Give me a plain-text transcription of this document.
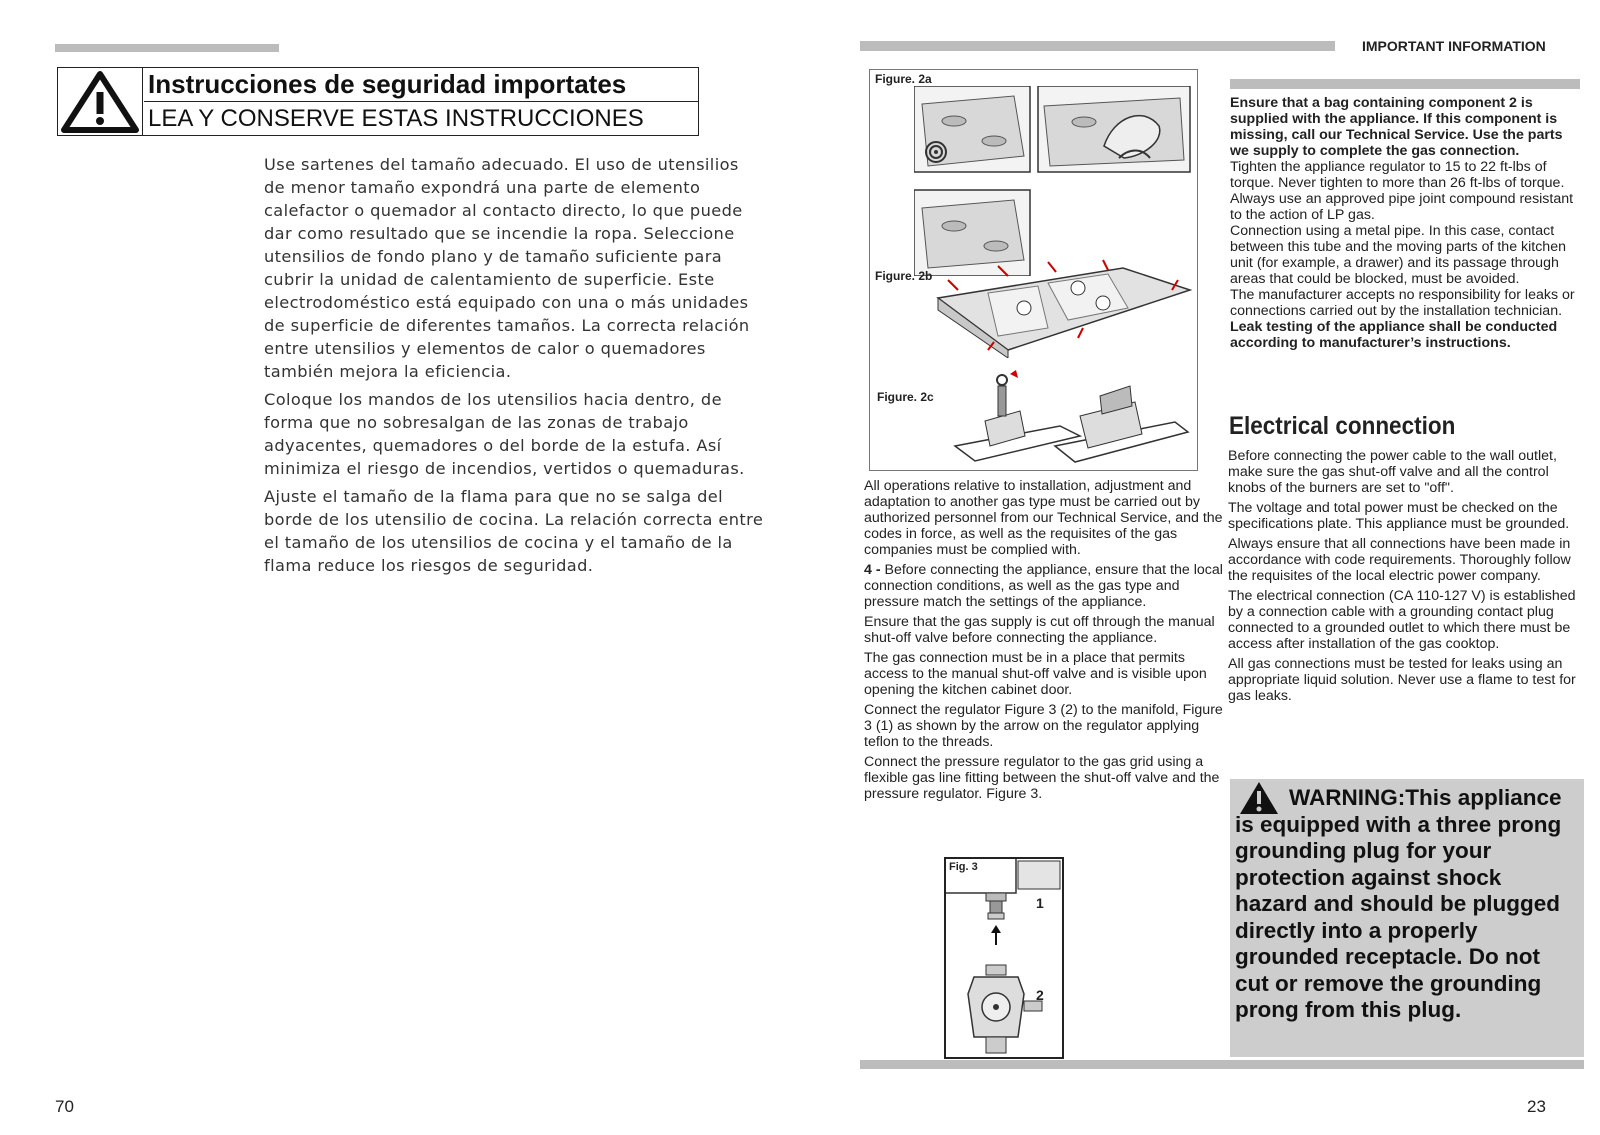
Instrucciones de seguridad importates
LEA Y CONSERVE ESTAS INSTRUCCIONES

Use sartenes del tamaño adecuado. El uso de utensilios de menor tamaño expondrá una parte de elemento calefactor o quemador al contacto directo, lo que puede dar como resultado que se incendie la ropa. Seleccione utensilios de fondo plano y de tamaño suficiente para cubrir la unidad de calentamiento de superficie. Este electrodoméstico está equipado con una o más unidades de superficie de diferentes tamaños. La correcta relación entre utensilios y elementos de calor o quemadores también mejora la eficiencia.

Coloque los mandos de los utensilios hacia dentro, de forma que no sobresalgan de las zonas de trabajo adyacentes, quemadores o del borde de la estufa. Así minimiza el riesgo de incendios, vertidos o quemaduras.

Ajuste el tamaño de la flama para que no se salga del borde de los utensilio de cocina. La relación correcta entre el tamaño de los utensilios de cocina y el tamaño de la flama reduce los riesgos de seguridad.

70
IMPORTANT INFORMATION
Figure. 2a
Figure. 2b
Figure. 2c

All operations relative to installation, adjustment and adaptation to another gas type must be carried out by authorized personnel from our Technical Service, and the codes in force, as well as the requisites of the gas companies must be complied with.

4 - Before connecting the appliance, ensure that the local connection conditions, as well as the gas type and pressure match the settings of the appliance.

Ensure that the gas supply is cut off through the manual shut-off valve before connecting the appliance.

The gas connection must be in a place that permits access to the manual shut-off valve and is visible upon opening the kitchen cabinet door.

Connect the regulator Figure 3 (2) to the manifold, Figure 3 (1) as shown by the arrow on the regulator applying teflon to the threads.

Connect the pressure regulator to the gas grid using a flexible gas line fitting between the shut-off valve and the pressure regulator. Figure 3.

Fig. 3
1
2

Ensure that a bag containing component 2 is supplied with the appliance. If this component is missing, call our Technical Service. Use the parts we supply to complete the gas connection.

Tighten the appliance regulator to 15 to 22 ft-lbs of torque. Never tighten to more than 26 ft-lbs of torque. Always use an approved pipe joint compound resistant to the action of LP gas.

Connection using a metal pipe. In this case, contact between this tube and the moving parts of the kitchen unit (for example, a drawer) and its passage through areas that could be blocked, must be avoided.

The manufacturer accepts no responsibility for leaks or connections carried out by the installation technician.

Leak testing of the appliance shall be conducted according to manufacturer’s instructions.

Electrical connection

Before connecting the power cable to the wall outlet, make sure the gas shut-off valve and all the control knobs of the burners are set to "off".

The voltage and total power must be checked on the specifications plate. This appliance must be grounded.

Always ensure that all connections have been made in accordance with code requirements. Thoroughly follow the requisites of the local electric power company.

The electrical connection (CA 110-127 V) is established by a connection cable with a grounding contact plug connected to a grounded outlet to which there must be access after installation of the gas cooktop.

All gas connections must be tested for leaks using an appropriate liquid solution. Never use a flame to test for gas leaks.

WARNING:This appliance is equipped with a three prong grounding plug for your protection against shock hazard and should be plugged directly into a properly grounded receptacle. Do not cut or remove the grounding prong from this plug.
23
